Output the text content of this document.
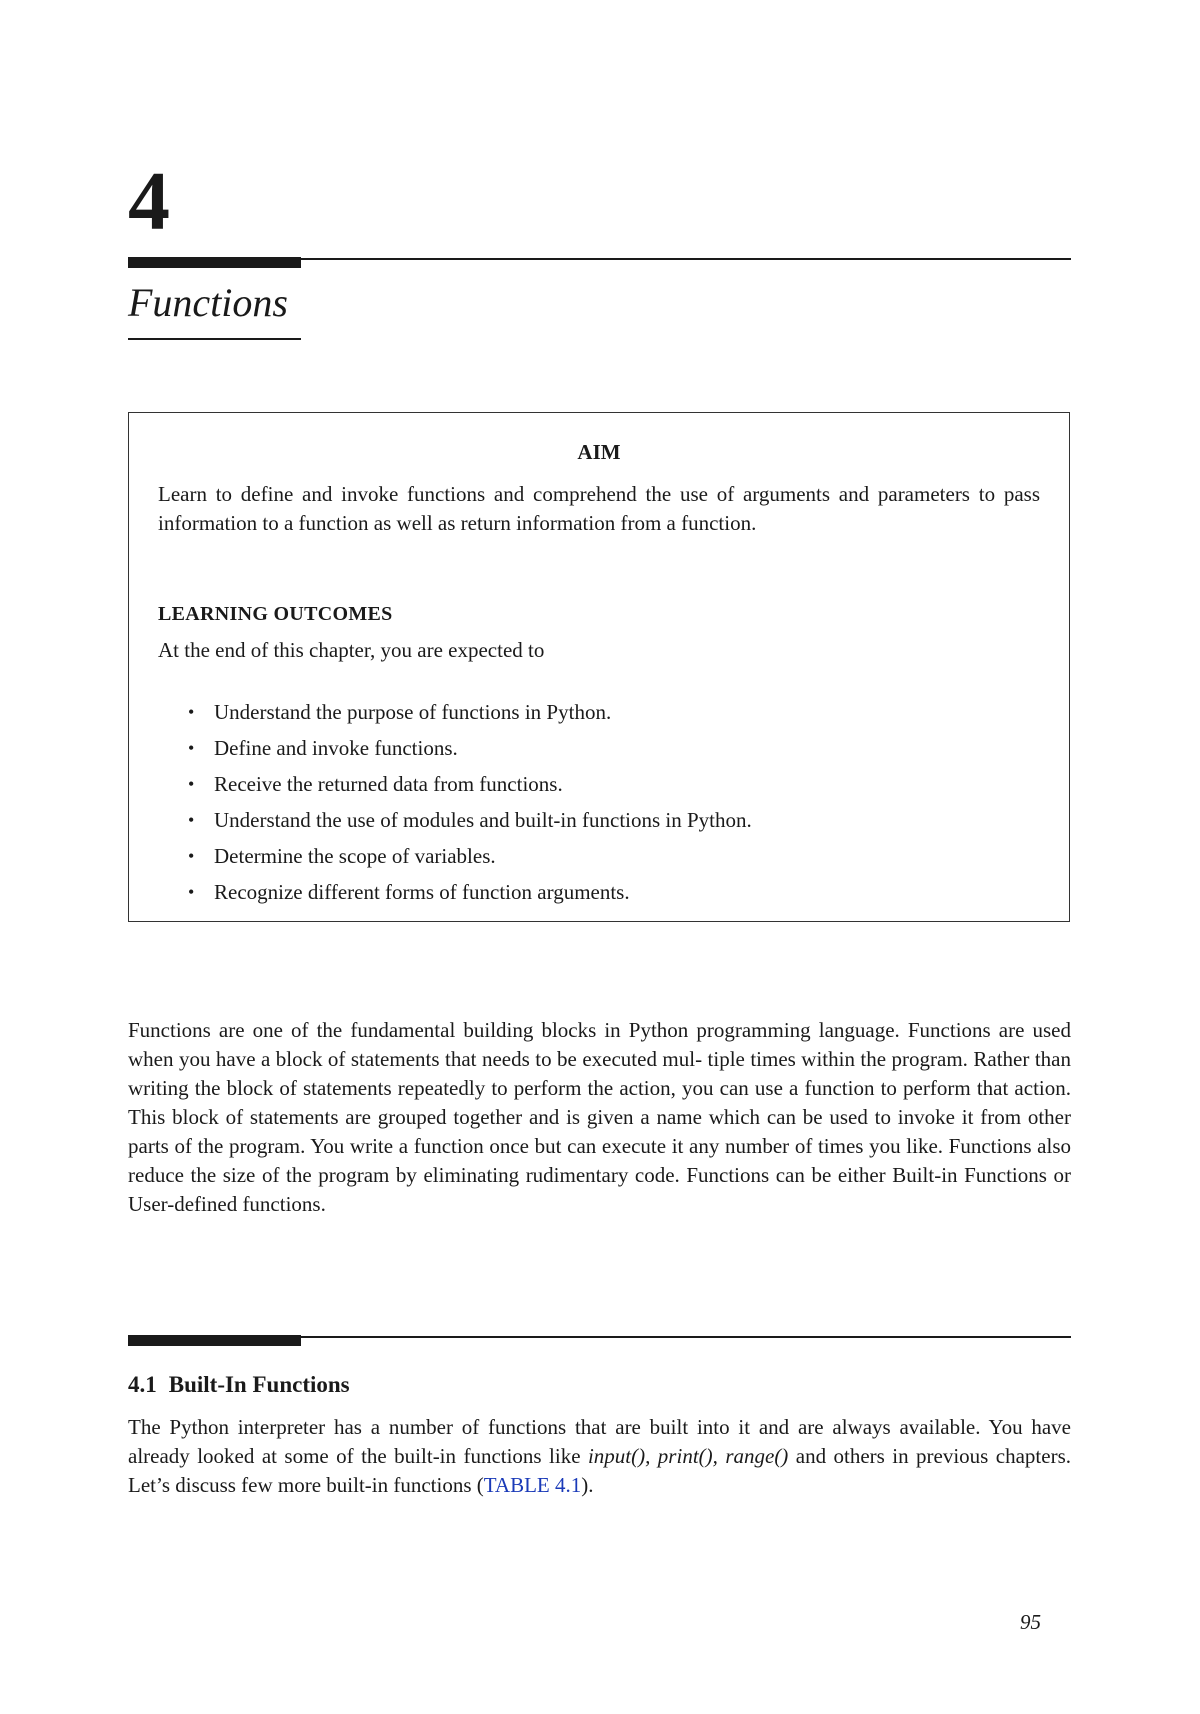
4
Functions
AIM
Learn to define and invoke functions and comprehend the use of arguments and parameters to pass information to a function as well as return information from a function.
LEARNING OUTCOMES
At the end of this chapter, you are expected to
• Understand the purpose of functions in Python.
• Define and invoke functions.
• Receive the returned data from functions.
• Understand the use of modules and built-in functions in Python.
• Determine the scope of variables.
• Recognize different forms of function arguments.

Functions are one of the fundamental building blocks in Python programming language. Functions are used when you have a block of statements that needs to be executed mul- tiple times within the program. Rather than writing the block of statements repeatedly to perform the action, you can use a function to perform that action. This block of statements are grouped together and is given a name which can be used to invoke it from other parts of the program. You write a function once but can execute it any number of times you like. Functions also reduce the size of the program by eliminating rudimentary code. Functions can be either Built-in Functions or User-defined functions.

4.1 Built-In Functions

The Python interpreter has a number of functions that are built into it and are always available. You have already looked at some of the built-in functions like input(), print(), range() and others in previous chapters. Let’s discuss few more built-in functions (TABLE 4.1).

95
